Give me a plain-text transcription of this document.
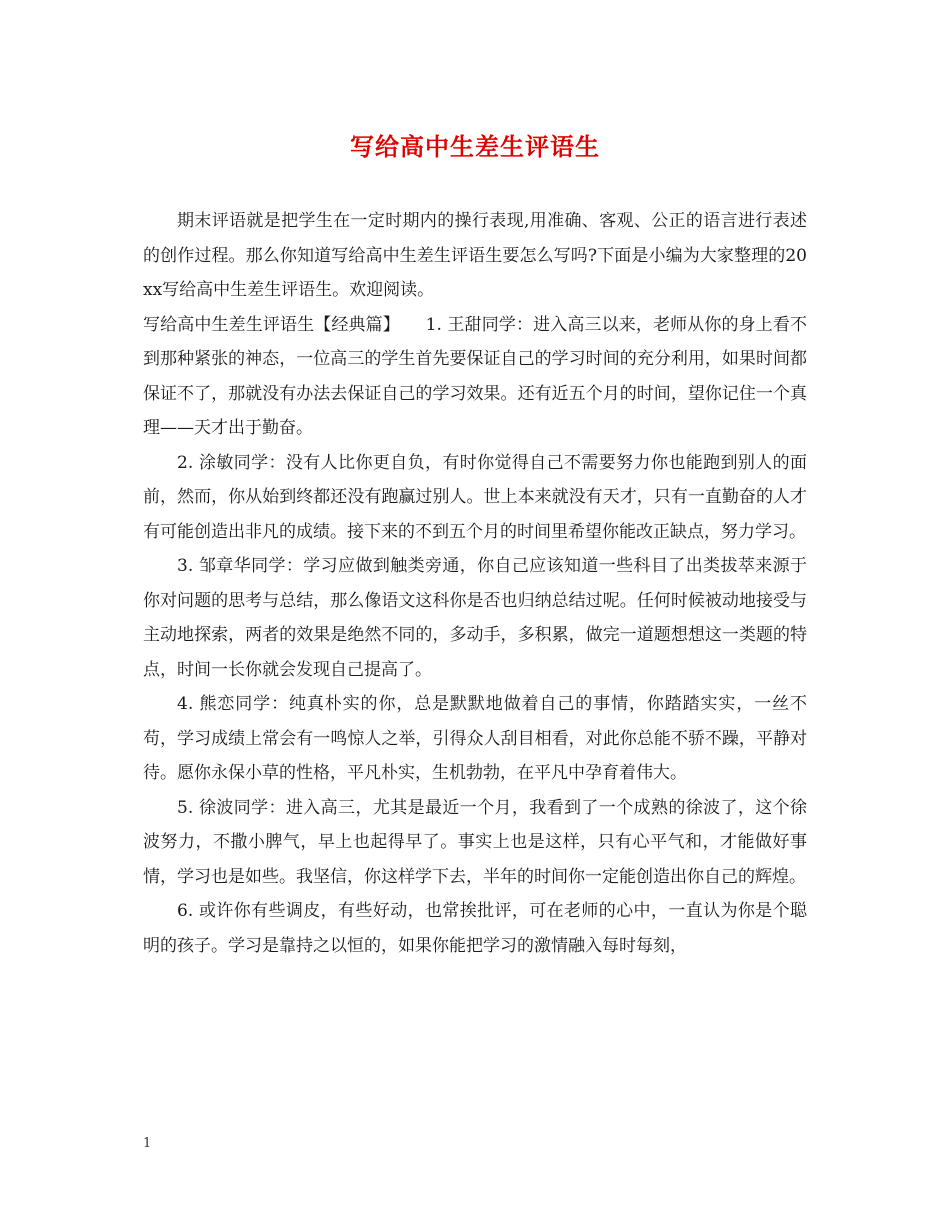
写给高中生差生评语生

期末评语就是把学生在一定时期内的操行表现,用准确、客观、公正的语言进行表述的创作过程。那么你知道写给高中生差生评语生要怎么写吗?下面是小编为大家整理的20xx写给高中生差生评语生。欢迎阅读。

写给高中生差生评语生【经典篇】　　1. 王甜同学：进入高三以来，老师从你的身上看不到那种紧张的神态，一位高三的学生首先要保证自己的学习时间的充分利用，如果时间都保证不了，那就没有办法去保证自己的学习效果。还有近五个月的时间，望你记住一个真理——天才出于勤奋。

2. 涂敏同学：没有人比你更自负，有时你觉得自己不需要努力你也能跑到别人的面前，然而，你从始到终都还没有跑赢过别人。世上本来就没有天才，只有一直勤奋的人才有可能创造出非凡的成绩。接下来的不到五个月的时间里希望你能改正缺点，努力学习。

3. 邹章华同学：学习应做到触类旁通，你自己应该知道一些科目了出类拔萃来源于你对问题的思考与总结，那么像语文这科你是否也归纳总结过呢。任何时候被动地接受与主动地探索，两者的效果是绝然不同的，多动手，多积累，做完一道题想想这一类题的特点，时间一长你就会发现自己提高了。

4. 熊恋同学：纯真朴实的你，总是默默地做着自己的事情，你踏踏实实，一丝不苟，学习成绩上常会有一鸣惊人之举，引得众人刮目相看，对此你总能不骄不躁，平静对待。愿你永保小草的性格，平凡朴实，生机勃勃，在平凡中孕育着伟大。

5. 徐波同学：进入高三，尤其是最近一个月，我看到了一个成熟的徐波了，这个徐波努力，不撒小脾气，早上也起得早了。事实上也是这样，只有心平气和，才能做好事情，学习也是如些。我坚信，你这样学下去，半年的时间你一定能创造出你自己的辉煌。

6. 或许你有些调皮，有些好动，也常挨批评，可在老师的心中，一直认为你是个聪明的孩子。学习是靠持之以恒的，如果你能把学习的激情融入每时每刻，

1
